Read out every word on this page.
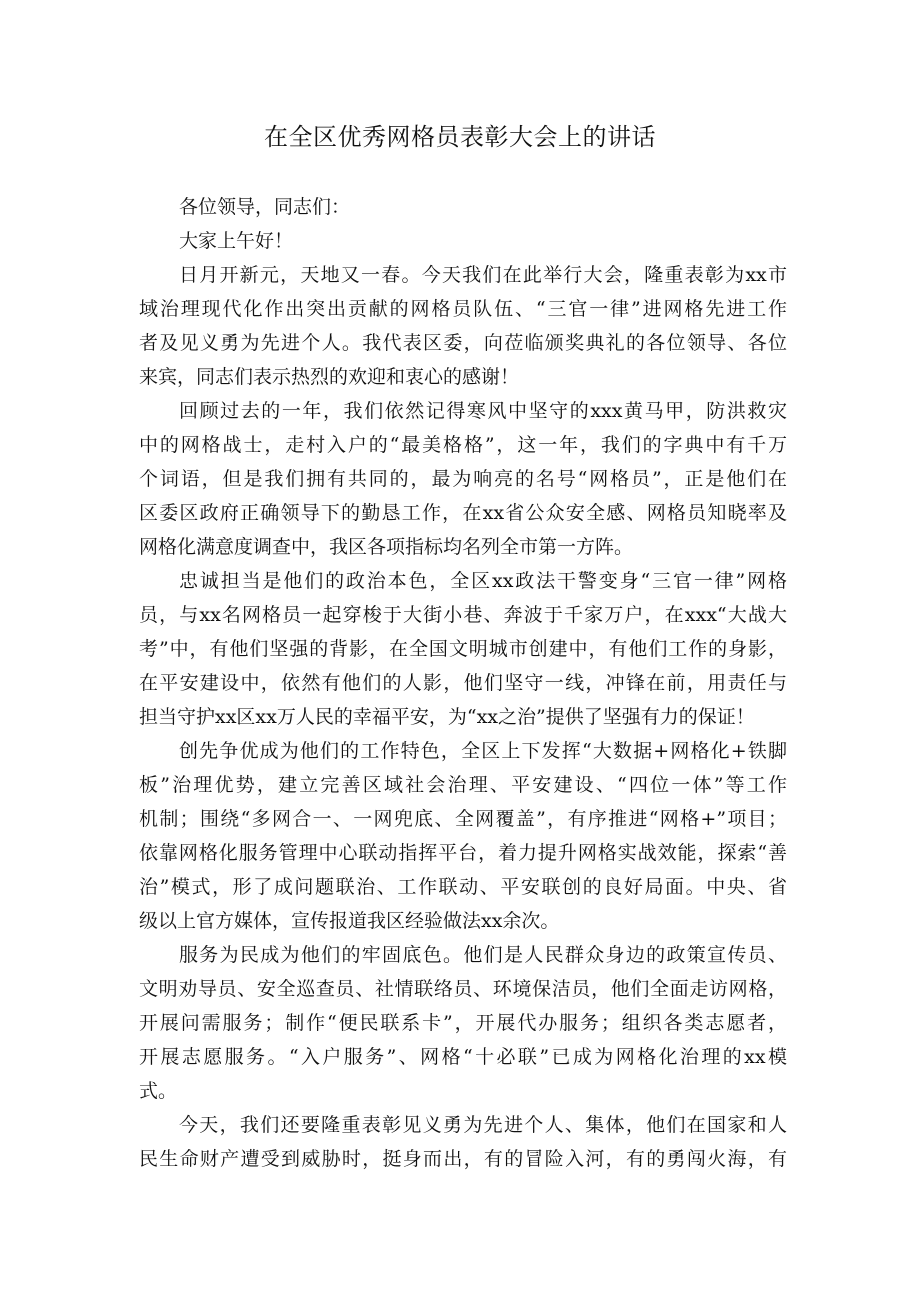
在全区优秀网格员表彰大会上的讲话
各位领导，同志们：
大家上午好！
日月开新元，天地又一春。今天我们在此举行大会，隆重表彰为xx市
域治理现代化作出突出贡献的网格员队伍、“三官一律”进网格先进工作
者及见义勇为先进个人。我代表区委，向莅临颁奖典礼的各位领导、各位
来宾，同志们表示热烈的欢迎和衷心的感谢！
回顾过去的一年，我们依然记得寒风中坚守的xxx黄马甲，防洪救灾
中的网格战士，走村入户的“最美格格”，这一年，我们的字典中有千万
个词语，但是我们拥有共同的，最为响亮的名号“网格员”，正是他们在
区委区政府正确领导下的勤恳工作，在xx省公众安全感、网格员知晓率及
网格化满意度调查中，我区各项指标均名列全市第一方阵。
忠诚担当是他们的政治本色，全区xx政法干警变身“三官一律”网格
员，与xx名网格员一起穿梭于大街小巷、奔波于千家万户，在xxx“大战大
考”中，有他们坚强的背影，在全国文明城市创建中，有他们工作的身影，
在平安建设中，依然有他们的人影，他们坚守一线，冲锋在前，用责任与
担当守护xx区xx万人民的幸福平安，为“xx之治”提供了坚强有力的保证！
创先争优成为他们的工作特色，全区上下发挥“大数据+网格化+铁脚
板”治理优势，建立完善区域社会治理、平安建设、“四位一体”等工作
机制；围绕“多网合一、一网兜底、全网覆盖”，有序推进“网格+”项目；
依靠网格化服务管理中心联动指挥平台，着力提升网格实战效能，探索“善
治”模式，形了成问题联治、工作联动、平安联创的良好局面。中央、省
级以上官方媒体，宣传报道我区经验做法xx余次。
服务为民成为他们的牢固底色。他们是人民群众身边的政策宣传员、
文明劝导员、安全巡查员、社情联络员、环境保洁员，他们全面走访网格，
开展问需服务；制作“便民联系卡”，开展代办服务；组织各类志愿者，
开展志愿服务。“入户服务”、网格“十必联”已成为网格化治理的xx模
式。
今天，我们还要隆重表彰见义勇为先进个人、集体，他们在国家和人
民生命财产遭受到威胁时，挺身而出，有的冒险入河，有的勇闯火海，有
